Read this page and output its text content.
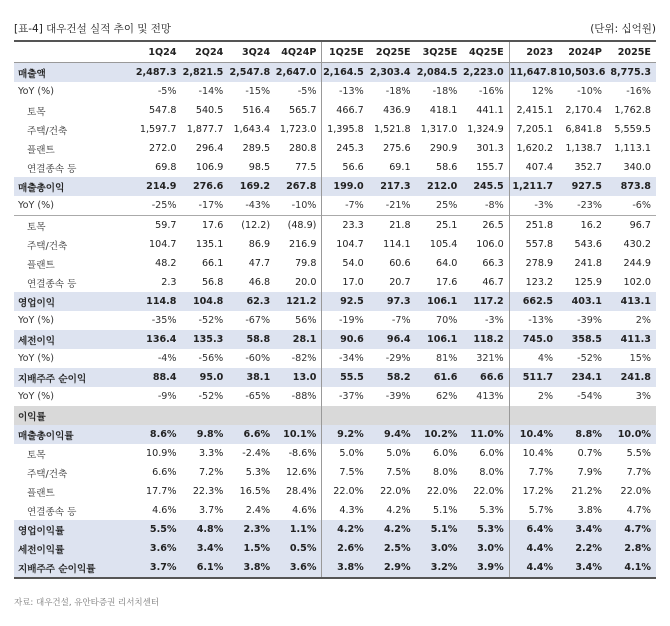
[표-4] 대우건설 실적 추이 및 전망	(단위: 십억원)
	1Q24	2Q24	3Q24	4Q24P	1Q25E	2Q25E	3Q25E	4Q25E	2023	2024P	2025E
매출액	2,487.3	2,821.5	2,547.8	2,647.0	2,164.5	2,303.4	2,084.5	2,223.0	11,647.8	10,503.6	8,775.3
YoY (%)	-5%	-14%	-15%	-5%	-13%	-18%	-18%	-16%	12%	-10%	-16%
토목	547.8	540.5	516.4	565.7	466.7	436.9	418.1	441.1	2,415.1	2,170.4	1,762.8
주택/건축	1,597.7	1,877.7	1,643.4	1,723.0	1,395.8	1,521.8	1,317.0	1,324.9	7,205.1	6,841.8	5,559.5
플랜트	272.0	296.4	289.5	280.8	245.3	275.6	290.9	301.3	1,620.2	1,138.7	1,113.1
연결종속 등	69.8	106.9	98.5	77.5	56.6	69.1	58.6	155.7	407.4	352.7	340.0
매출총이익	214.9	276.6	169.2	267.8	199.0	217.3	212.0	245.5	1,211.7	927.5	873.8
YoY (%)	-25%	-17%	-43%	-10%	-7%	-21%	25%	-8%	-3%	-23%	-6%
토목	59.7	17.6	(12.2)	(48.9)	23.3	21.8	25.1	26.5	251.8	16.2	96.7
주택/건축	104.7	135.1	86.9	216.9	104.7	114.1	105.4	106.0	557.8	543.6	430.2
플랜트	48.2	66.1	47.7	79.8	54.0	60.6	64.0	66.3	278.9	241.8	244.9
연결종속 등	2.3	56.8	46.8	20.0	17.0	20.7	17.6	46.7	123.2	125.9	102.0
영업이익	114.8	104.8	62.3	121.2	92.5	97.3	106.1	117.2	662.5	403.1	413.1
YoY (%)	-35%	-52%	-67%	56%	-19%	-7%	70%	-3%	-13%	-39%	2%
세전이익	136.4	135.3	58.8	28.1	90.6	96.4	106.1	118.2	745.0	358.5	411.3
YoY (%)	-4%	-56%	-60%	-82%	-34%	-29%	81%	321%	4%	-52%	15%
지배주주 순이익	88.4	95.0	38.1	13.0	55.5	58.2	61.6	66.6	511.7	234.1	241.8
YoY (%)	-9%	-52%	-65%	-88%	-37%	-39%	62%	413%	2%	-54%	3%
이익률											
매출총이익률	8.6%	9.8%	6.6%	10.1%	9.2%	9.4%	10.2%	11.0%	10.4%	8.8%	10.0%
토목	10.9%	3.3%	-2.4%	-8.6%	5.0%	5.0%	6.0%	6.0%	10.4%	0.7%	5.5%
주택/건축	6.6%	7.2%	5.3%	12.6%	7.5%	7.5%	8.0%	8.0%	7.7%	7.9%	7.7%
플랜트	17.7%	22.3%	16.5%	28.4%	22.0%	22.0%	22.0%	22.0%	17.2%	21.2%	22.0%
연결종속 등	4.6%	3.7%	2.4%	4.6%	4.3%	4.2%	5.1%	5.3%	5.7%	3.8%	4.7%
영업이익률	5.5%	4.8%	2.3%	1.1%	4.2%	4.2%	5.1%	5.3%	6.4%	3.4%	4.7%
세전이익률	3.6%	3.4%	1.5%	0.5%	2.6%	2.5%	3.0%	3.0%	4.4%	2.2%	2.8%
지배주주 순이익률	3.7%	6.1%	3.8%	3.6%	3.8%	2.9%	3.2%	3.9%	4.4%	3.4%	4.1%
자료: 대우건설, 유안타증권 리서치센터
